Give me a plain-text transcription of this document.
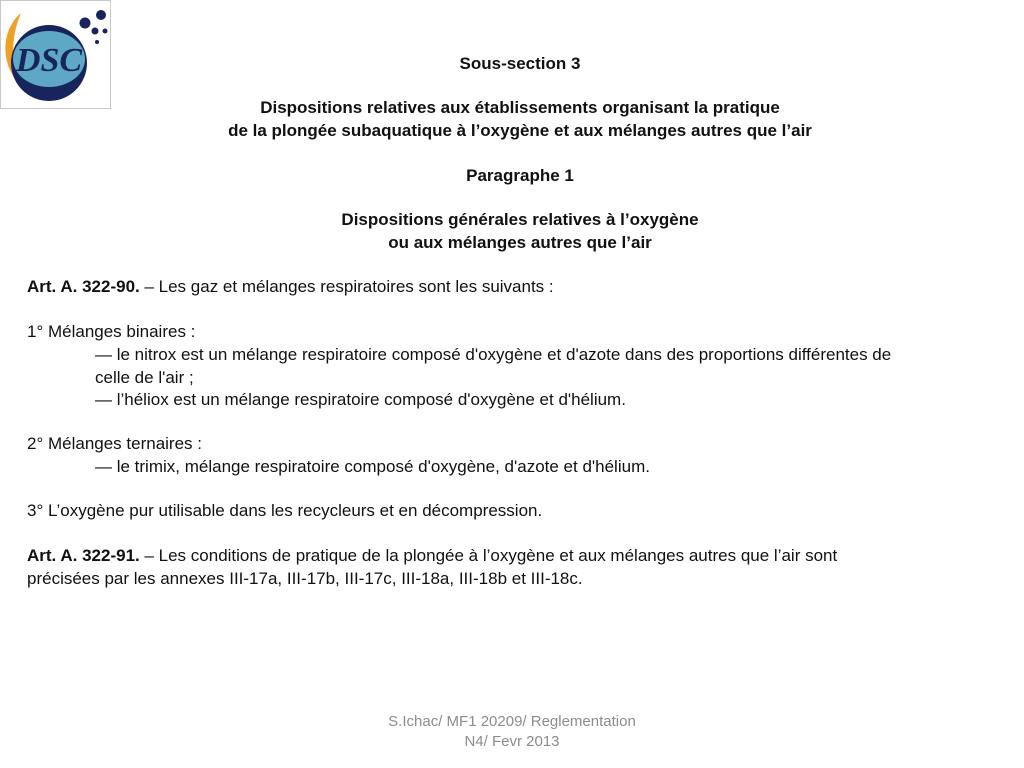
DSC	Sous-section 3
Dispositions relatives aux établissements organisant la pratique
de la plongée subaquatique à l’oxygène et aux mélanges autres que l’air
Paragraphe 1
Dispositions générales relatives à l’oxygène
ou aux mélanges autres que l’air
Art. A. 322-90. – Les gaz et mélanges respiratoires sont les suivants :
1° Mélanges binaires :
— le nitrox est un mélange respiratoire composé d'oxygène et d'azote dans des proportions différentes de
celle de l'air ;
— l’héliox est un mélange respiratoire composé d'oxygène et d'hélium.
2° Mélanges ternaires :
— le trimix, mélange respiratoire composé d'oxygène, d'azote et d'hélium.
3° L’oxygène pur utilisable dans les recycleurs et en décompression.
Art. A. 322-91. – Les conditions de pratique de la plongée à l’oxygène et aux mélanges autres que l’air sont
précisées par les annexes III-17a, III-17b, III-17c, III-18a, III-18b et III-18c.
S.Ichac/ MF1 20209/ Reglementation
N4/ Fevr 2013
